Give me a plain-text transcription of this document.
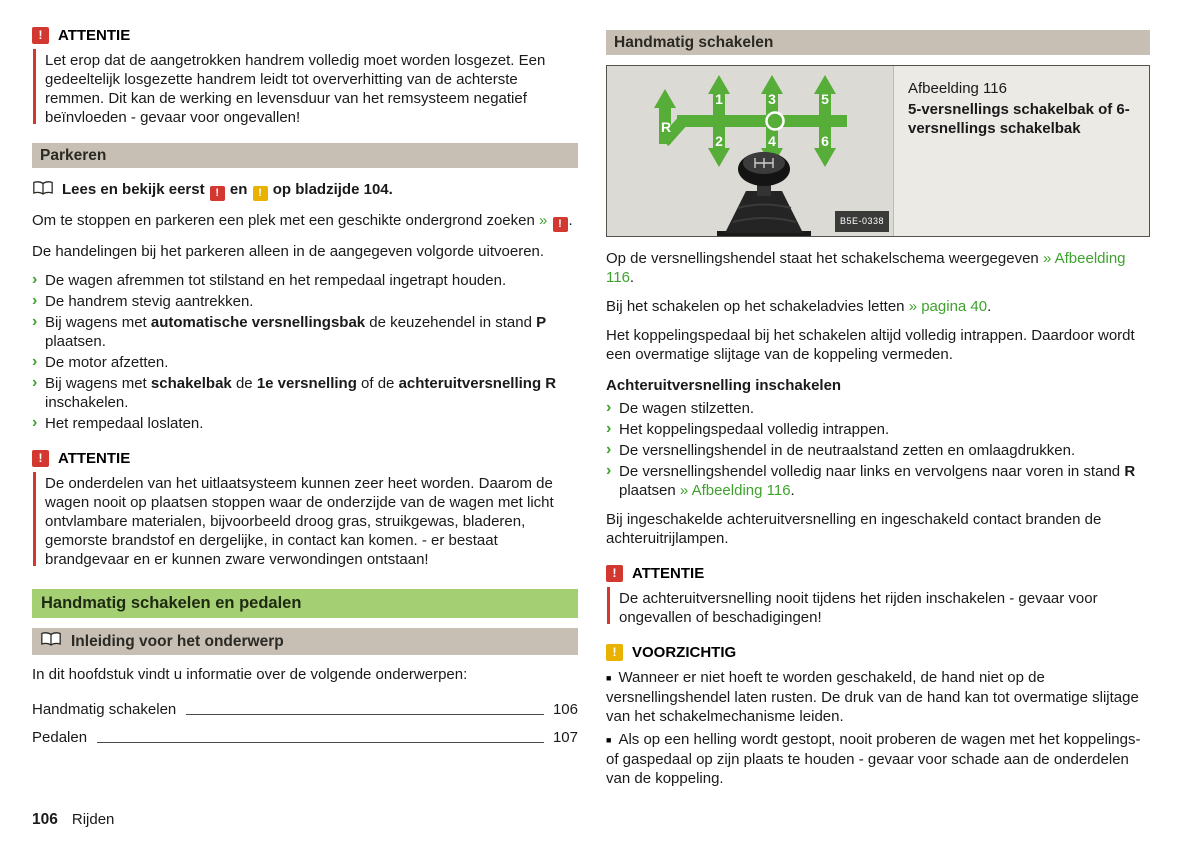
!	ATTENTIE
Let erop dat de aangetrokken handrem volledig moet worden losgezet. Een gedeeltelijk losgezette handrem leidt tot oververhitting van de achterste remmen. Dit kan de werking en levensduur van het remsysteem negatief beïnvloeden - gevaar voor ongevallen!
Parkeren
Lees en bekijk eerst ! en ! op bladzijde 104.

Om te stoppen en parkeren een plek met een geschikte ondergrond zoeken » ! .

De handelingen bij het parkeren alleen in de aangegeven volgorde uitvoeren.

› De wagen afremmen tot stilstand en het rempedaal ingetrapt houden.
› De handrem stevig aantrekken.
› Bij wagens met automatische versnellingsbak de keuzehendel in stand P plaatsen.
› De motor afzetten.
› Bij wagens met schakelbak de 1e versnelling of de achteruitversnelling R inschakelen.
› Het rempedaal loslaten.
!	ATTENTIE
De onderdelen van het uitlaatsysteem kunnen zeer heet worden. Daarom de wagen nooit op plaatsen stoppen waar de onderzijde van de wagen met licht ontvlambare materialen, bijvoorbeeld droog gras, struikgewas, bladeren, gemorste brandstof en dergelijke, in contact kan komen. - er bestaat brandgevaar en er kunnen zware verwondingen ontstaan!
Handmatig schakelen en pedalen
Inleiding voor het onderwerp

In dit hoofdstuk vindt u informatie over de volgende onderwerpen:

Handmatig schakelen	106
Pedalen	107
Handmatig schakelen
1	3	5
2	4	6
R
B5E-0338
Afbeelding 116
5-versnellings schakelbak of 6-versnellings schakelbak

Op de versnellingshendel staat het schakelschema weergegeven » Afbeelding 116.

Bij het schakelen op het schakeladvies letten » pagina 40.

Het koppelingspedaal bij het schakelen altijd volledig intrappen. Daardoor wordt een overmatige slijtage van de koppeling vermeden.

Achteruitversnelling inschakelen
› De wagen stilzetten.
› Het koppelingspedaal volledig intrappen.
› De versnellingshendel in de neutraalstand zetten en omlaagdrukken.
› De versnellingshendel volledig naar links en vervolgens naar voren in stand R plaatsen » Afbeelding 116.

Bij ingeschakelde achteruitversnelling en ingeschakeld contact branden de achteruitrijlampen.

!	ATTENTIE
De achteruitversnelling nooit tijdens het rijden inschakelen - gevaar voor ongevallen of beschadigingen!
!	VOORZICHTIG
■ Wanneer er niet hoeft te worden geschakeld, de hand niet op de versnellingshendel laten rusten. De druk van de hand kan tot overmatige slijtage van het schakelmechanisme leiden.
■ Als op een helling wordt gestopt, nooit proberen de wagen met het koppelings- of gaspedaal op zijn plaats te houden - gevaar voor schade aan de onderdelen van de koppeling.
106 Rijden
